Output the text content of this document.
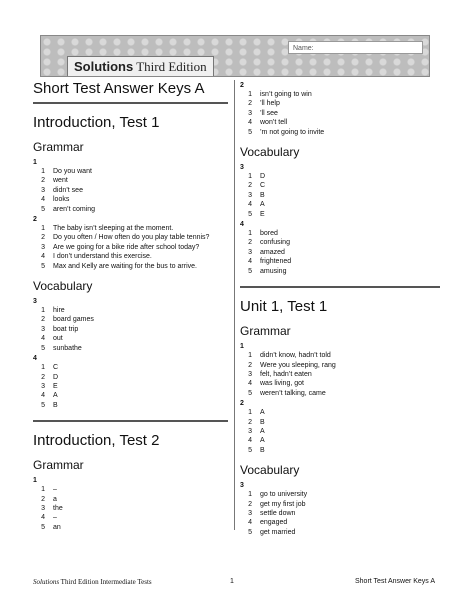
Name:
Solutions Third Edition
Short Test Answer Keys A
Introduction, Test 1
Grammar
1
1 Do you want
2 went
3 didn’t see
4 looks
5 aren’t coming
2
1 The baby isn’t sleeping at the moment.
2 Do you often / How often do you play table tennis?
3 Are we going for a bike ride after school today?
4 I don’t understand this exercise.
5 Max and Kelly are waiting for the bus to arrive.
Vocabulary
3
1 hire
2 board games
3 boat trip
4 out
5 sunbathe
4
1 C
2 D
3 E
4 A
5 B
Introduction, Test 2
Grammar
1
1 –
2 a
3 the
4 –
5 an
2
1 isn’t going to win
2 ’ll help
3 ’ll see
4 won’t tell
5 ’m not going to invite
Vocabulary
3
1 D
2 C
3 B
4 A
5 E
4
1 bored
2 confusing
3 amazed
4 frightened
5 amusing
Unit 1, Test 1
Grammar
1
1 didn’t know, hadn’t told
2 Were you sleeping, rang
3 felt, hadn’t eaten
4 was living, got
5 weren’t talking, came
2
1 A
2 B
3 A
4 A
5 B
Vocabulary
3
1 go to university
2 get my first job
3 settle down
4 engaged
5 get married
Solutions Third Edition Intermediate Tests	1	Short Test Answer Keys A
